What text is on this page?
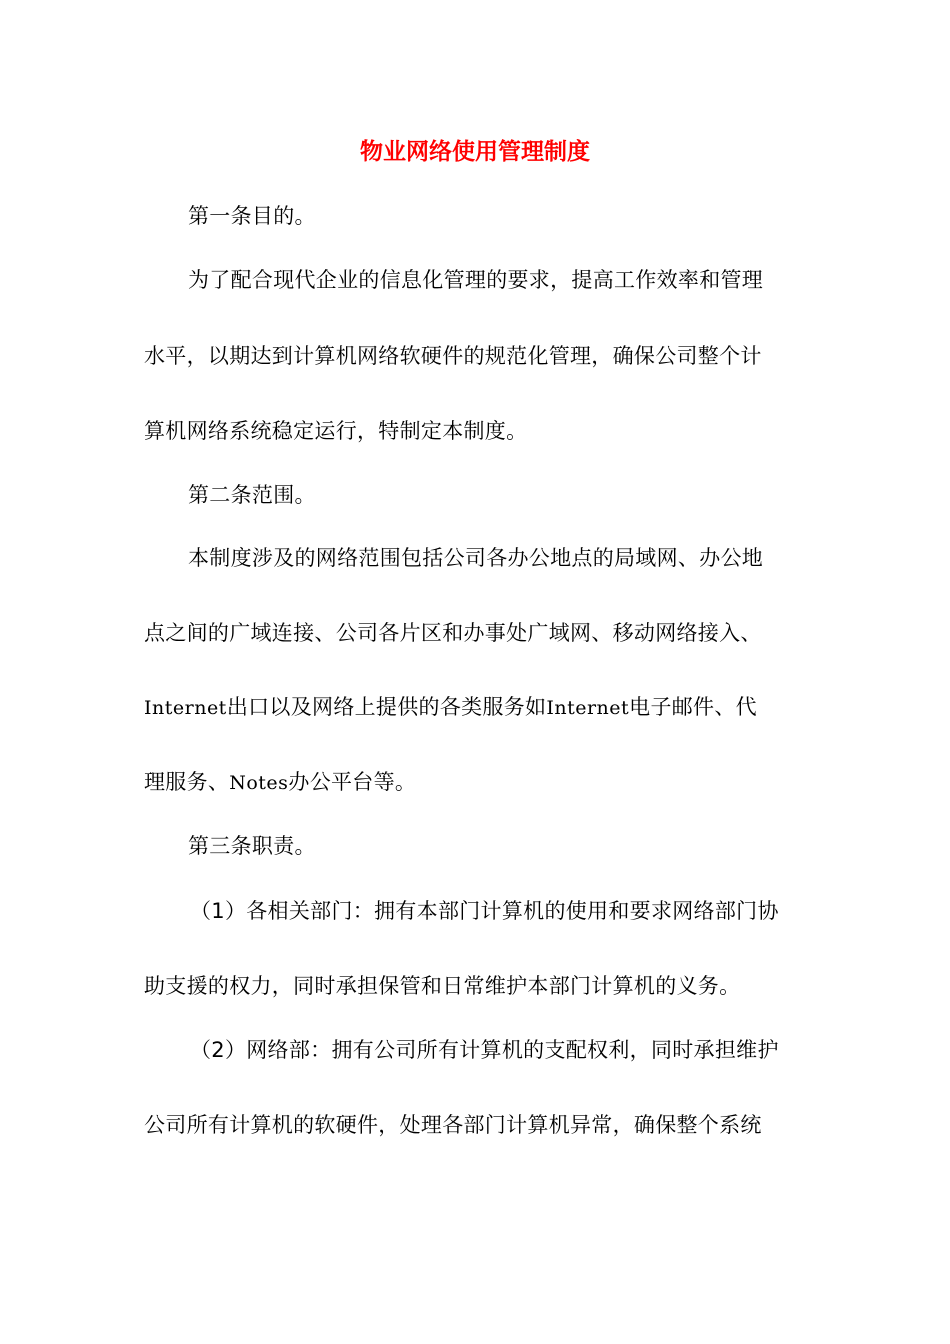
物业网络使用管理制度
第一条目的。
为了配合现代企业的信息化管理的要求，提高工作效率和管理
水平，以期达到计算机网络软硬件的规范化管理，确保公司整个计
算机网络系统稳定运行，特制定本制度。
第二条范围。
本制度涉及的网络范围包括公司各办公地点的局域网、办公地
点之间的广域连接、公司各片区和办事处广域网、移动网络接入、
Internet出口以及网络上提供的各类服务如Internet电子邮件、代
理服务、Notes办公平台等。
第三条职责。
（1）各相关部门：拥有本部门计算机的使用和要求网络部门协
助支援的权力，同时承担保管和日常维护本部门计算机的义务。
（2）网络部：拥有公司所有计算机的支配权利，同时承担维护
公司所有计算机的软硬件，处理各部门计算机异常，确保整个系统
